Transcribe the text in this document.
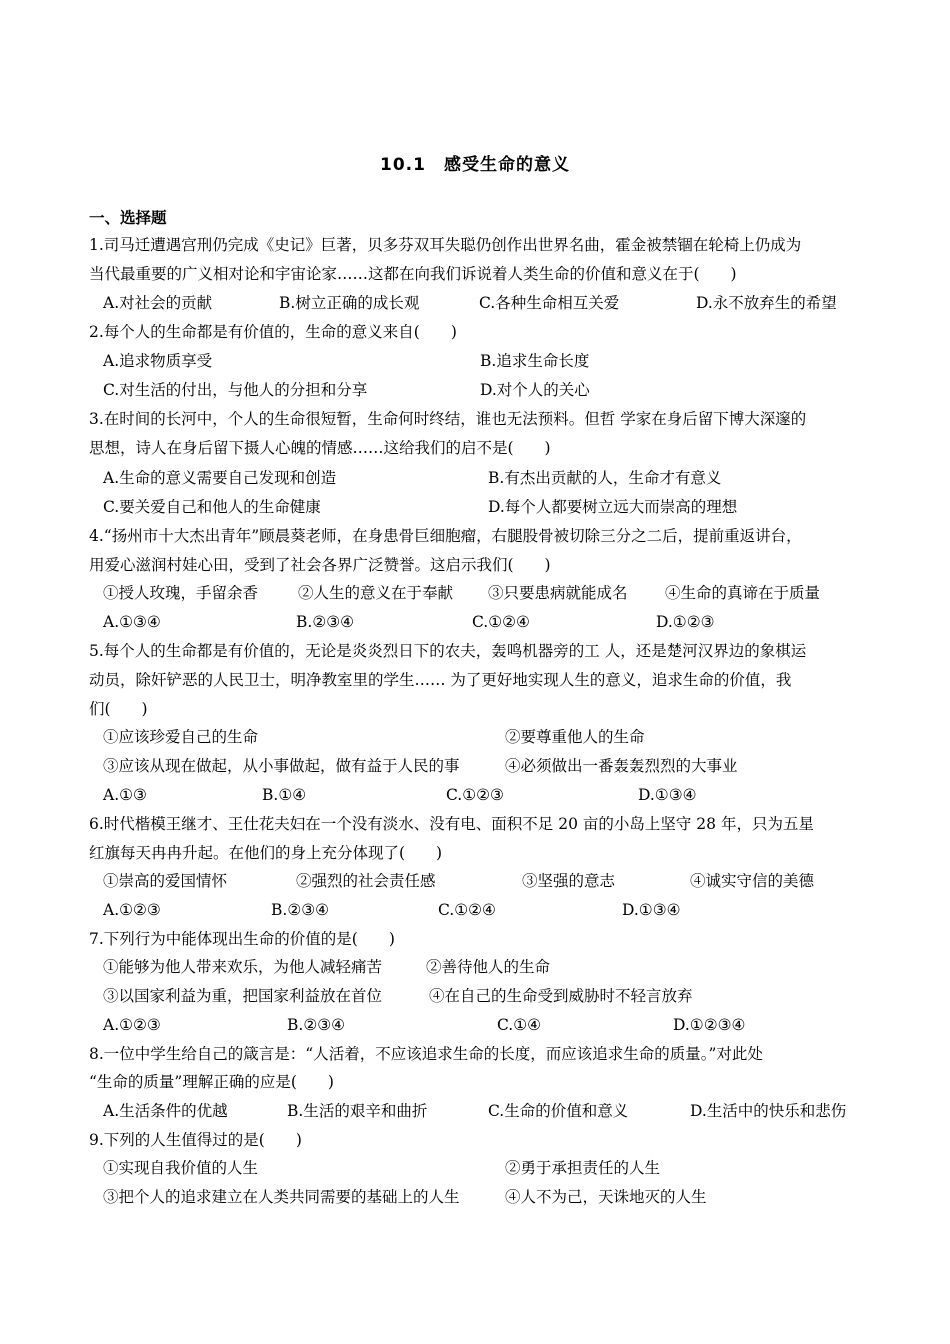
10.1　感受生命的意义
一、选择题
1.司马迁遭遇宫刑仍完成《史记》巨著，贝多芬双耳失聪仍创作出世界名曲，霍金被禁锢在轮椅上仍成为
当代最重要的广义相对论和宇宙论家……这都在向我们诉说着人类生命的价值和意义在于(　　)
A.对社会的贡献	B.树立正确的成长观	C.各种生命相互关爱	D.永不放弃生的希望
2.每个人的生命都是有价值的，生命的意义来自(　　)
A.追求物质享受	B.追求生命长度
C.对生活的付出，与他人的分担和分享	D.对个人的关心
3.在时间的长河中，个人的生命很短暂，生命何时终结，谁也无法预料。但哲 学家在身后留下博大深邃的
思想，诗人在身后留下摄人心魄的情感……这给我们的启不是(　　)
A.生命的意义需要自己发现和创造	B.有杰出贡献的人，生命才有意义
C.要关爱自己和他人的生命健康	D.每个人都要树立远大而崇高的理想
4.“扬州市十大杰出青年”顾晨葵老师，在身患骨巨细胞瘤，右腿股骨被切除三分之二后，提前重返讲台，
用爱心滋润村娃心田，受到了社会各界广泛赞誉。这启示我们(　　)
①授人玫瑰，手留余香	②人生的意义在于奉献 ③只要患病就能成名 ④生命的真谛在于质量
A.①③④	B.②③④	C.①②④	D.①②③
5.每个人的生命都是有价值的，无论是炎炎烈日下的农夫，轰鸣机器旁的工 人，还是楚河汉界边的象棋运
动员，除奸铲恶的人民卫士，明净教室里的学生…… 为了更好地实现人生的意义，追求生命的价值，我
们(　　)
①应该珍爱自己的生命	②要尊重他人的生命
③应该从现在做起，从小事做起，做有益于人民的事	④必须做出一番轰轰烈烈的大事业
A.①③	B.①④	C.①②③	D.①③④
6.时代楷模王继才、王仕花夫妇在一个没有淡水、没有电、面积不足 20 亩的小岛上坚守 28 年，只为五星
红旗每天冉冉升起。在他们的身上充分体现了(　　)
①崇高的爱国情怀	②强烈的社会责任感	③坚强的意志	④诚实守信的美德
A.①②③	B.②③④	C.①②④	D.①③④
7.下列行为中能体现出生命的价值的是(　　)
①能够为他人带来欢乐，为他人减轻痛苦	②善待他人的生命
③以国家利益为重，把国家利益放在首位	④在自己的生命受到威胁时不轻言放弃
A.①②③	B.②③④	C.①④	D.①②③④
8.一位中学生给自己的箴言是：“人活着，不应该追求生命的长度，而应该追求生命的质量。”对此处
“生命的质量”理解正确的应是(　　)
A.生活条件的优越	B.生活的艰辛和曲折	C.生命的价值和意义	D.生活中的快乐和悲伤
9.下列的人生值得过的是(　　)
①实现自我价值的人生	②勇于承担责任的人生
③把个人的追求建立在人类共同需要的基础上的人生	④人不为己，天诛地灭的人生
